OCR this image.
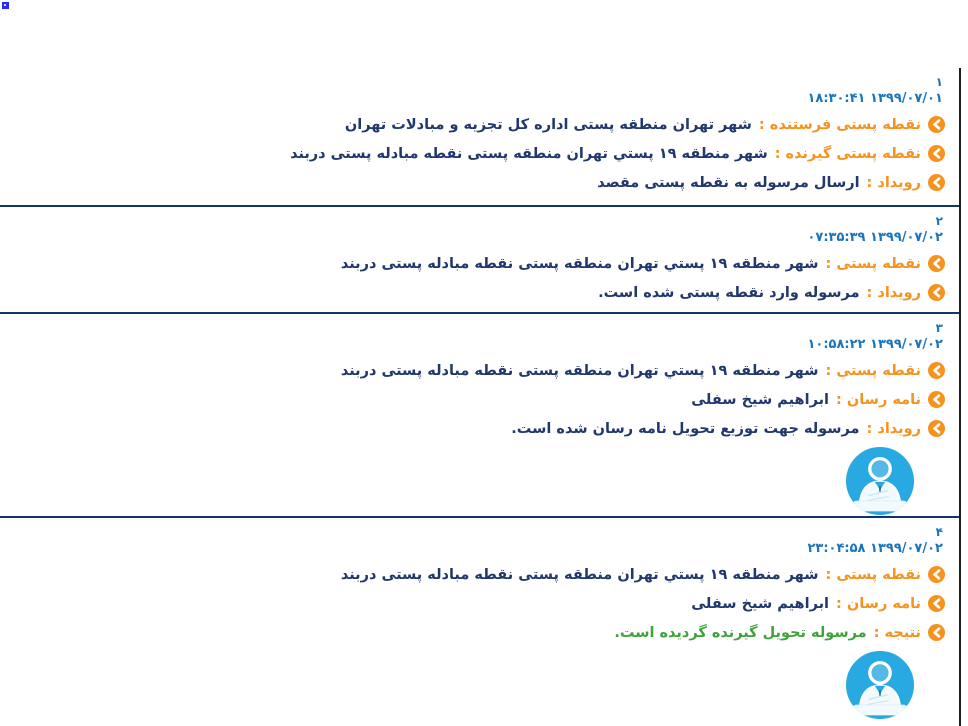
۱
۱۸:۳۰:۴۱ ۱۳۹۹/۰۷/۰۱
نقطه پستی فرستنده :
شهر تهران منطقه پستی اداره کل تجزیه و مبادلات تهران
نقطه پستی گیرنده :
شهر منطقه ۱۹ پستي تهران منطقه پستی نقطه مبادله پستی دربند
رویداد :
ارسال مرسوله به نقطه پستی مقصد
۲
۰۷:۳۵:۳۹ ۱۳۹۹/۰۷/۰۲
نقطه پستی :
شهر منطقه ۱۹ پستي تهران منطقه پستی نقطه مبادله پستی دربند
رویداد :
مرسوله وارد نقطه پستی شده است.
۳
۱۰:۵۸:۲۲ ۱۳۹۹/۰۷/۰۲
نقطه پستی :
شهر منطقه ۱۹ پستي تهران منطقه پستی نقطه مبادله پستی دربند
نامه رسان :
ابراهیم شیخ سفلی
رویداد :
مرسوله جهت توزیع تحویل نامه رسان شده است.
۴
۲۳:۰۴:۵۸ ۱۳۹۹/۰۷/۰۲
نقطه پستی :
شهر منطقه ۱۹ پستي تهران منطقه پستی نقطه مبادله پستی دربند
نامه رسان :
ابراهیم شیخ سفلی
نتیجه :
مرسوله تحویل گیرنده گردیده است.
